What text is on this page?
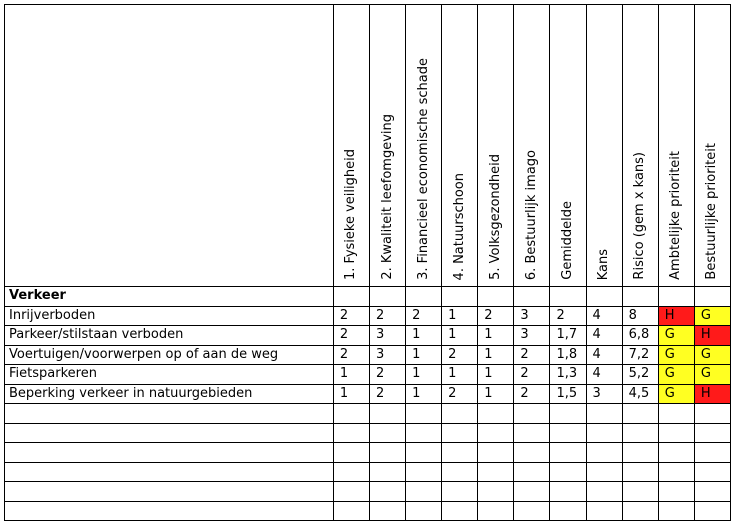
	1. Fysieke veiligheid	2. Kwaliteit leefomgeving	3. Financieel economische schade	4. Natuurschoon	5. Volksgezondheid	6. Bestuurlijk imago	Gemiddelde	Kans	Risico (gem x kans)	Ambtelijke prioriteit	Bestuurlijke prioriteit

Verkeer											
Inrijverboden	2	2	2	1	2	3	2	4	8	H	G
Parkeer/stilstaan verboden	2	3	1	1	1	3	1,7	4	6,8	G	H
Voertuigen/voorwerpen op of aan de weg	2	3	1	2	1	2	1,8	4	7,2	G	G
Fietsparkeren	1	2	1	1	1	2	1,3	4	5,2	G	G
Beperking verkeer in natuurgebieden	1	2	1	2	1	2	1,5	3	4,5	G	H
